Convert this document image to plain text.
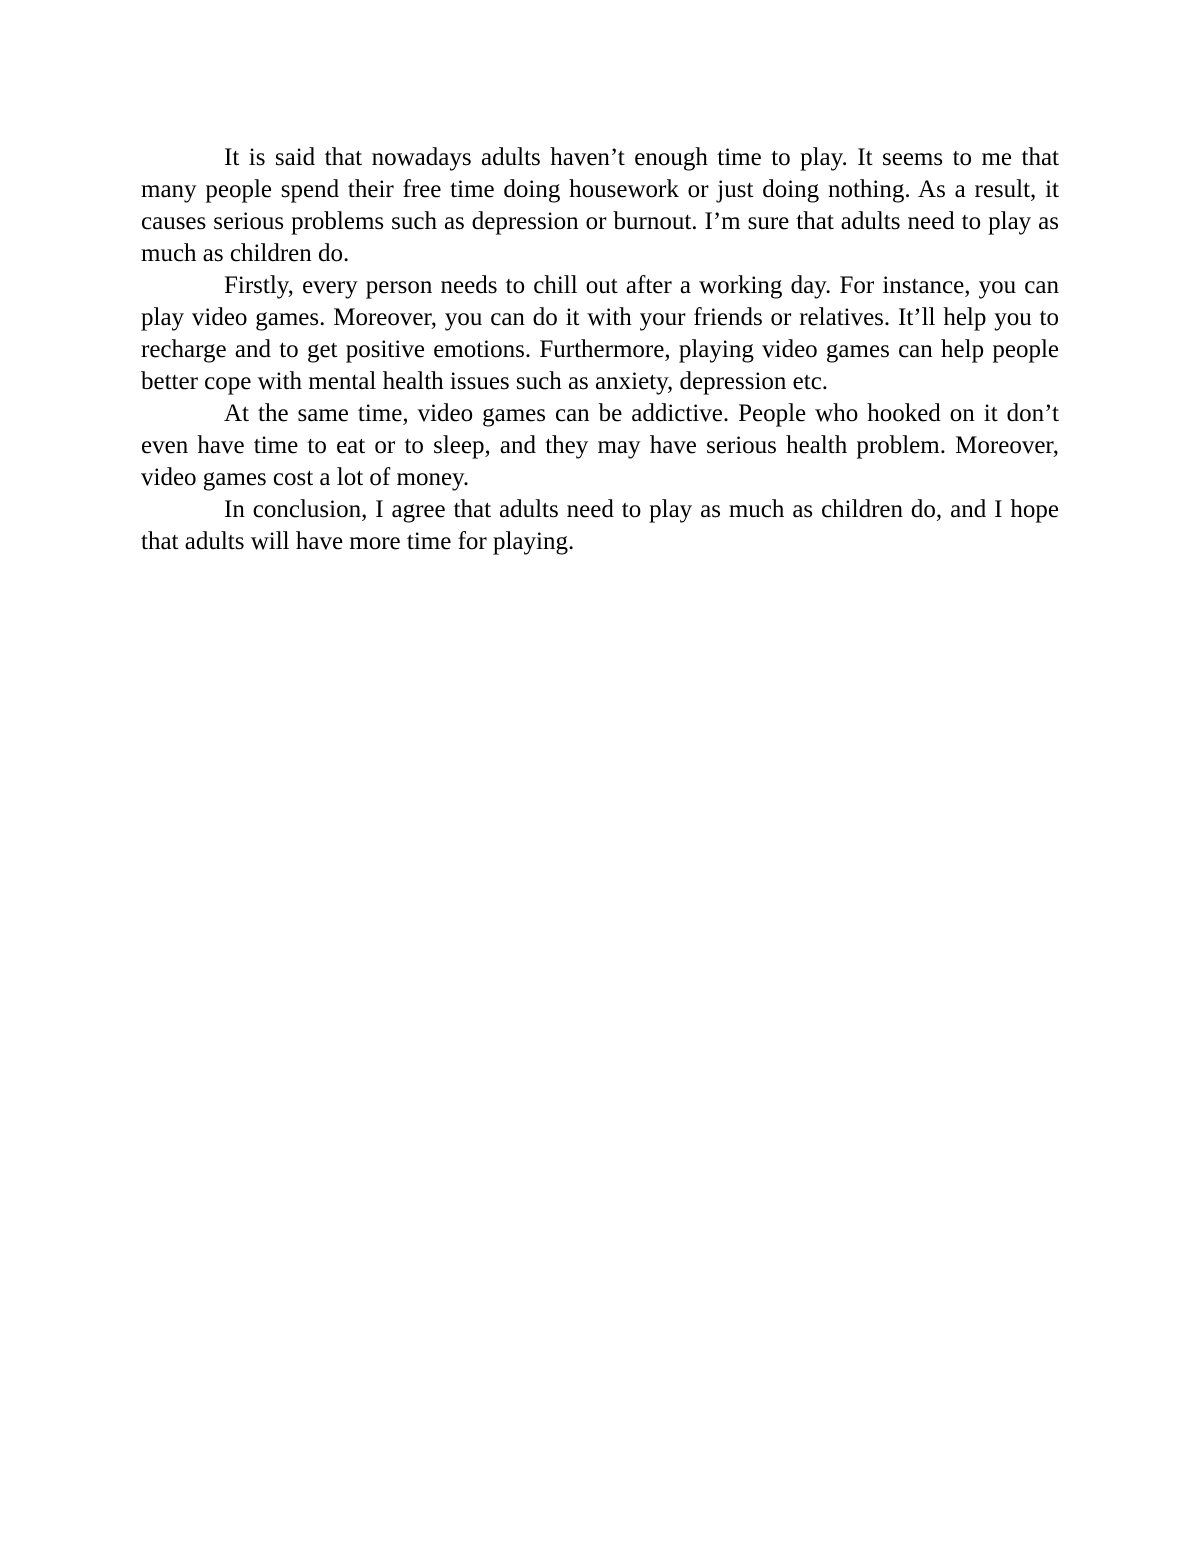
It is said that nowadays adults haven’t enough time to play. It seems to me that many people spend their free time doing housework or just doing nothing. As a result, it causes serious problems such as depression or burnout. I’m sure that adults need to play as much as children do.

Firstly, every person needs to chill out after a working day. For instance, you can play video games. Moreover, you can do it with your friends or relatives. It’ll help you to recharge and to get positive emotions. Furthermore, playing video games can help people better cope with mental health issues such as anxiety, depression etc.

At the same time, video games can be addictive. People who hooked on it don’t even have time to eat or to sleep, and they may have serious health problem. Moreover, video games cost a lot of money.

In conclusion, I agree that adults need to play as much as children do, and I hope that adults will have more time for playing.
